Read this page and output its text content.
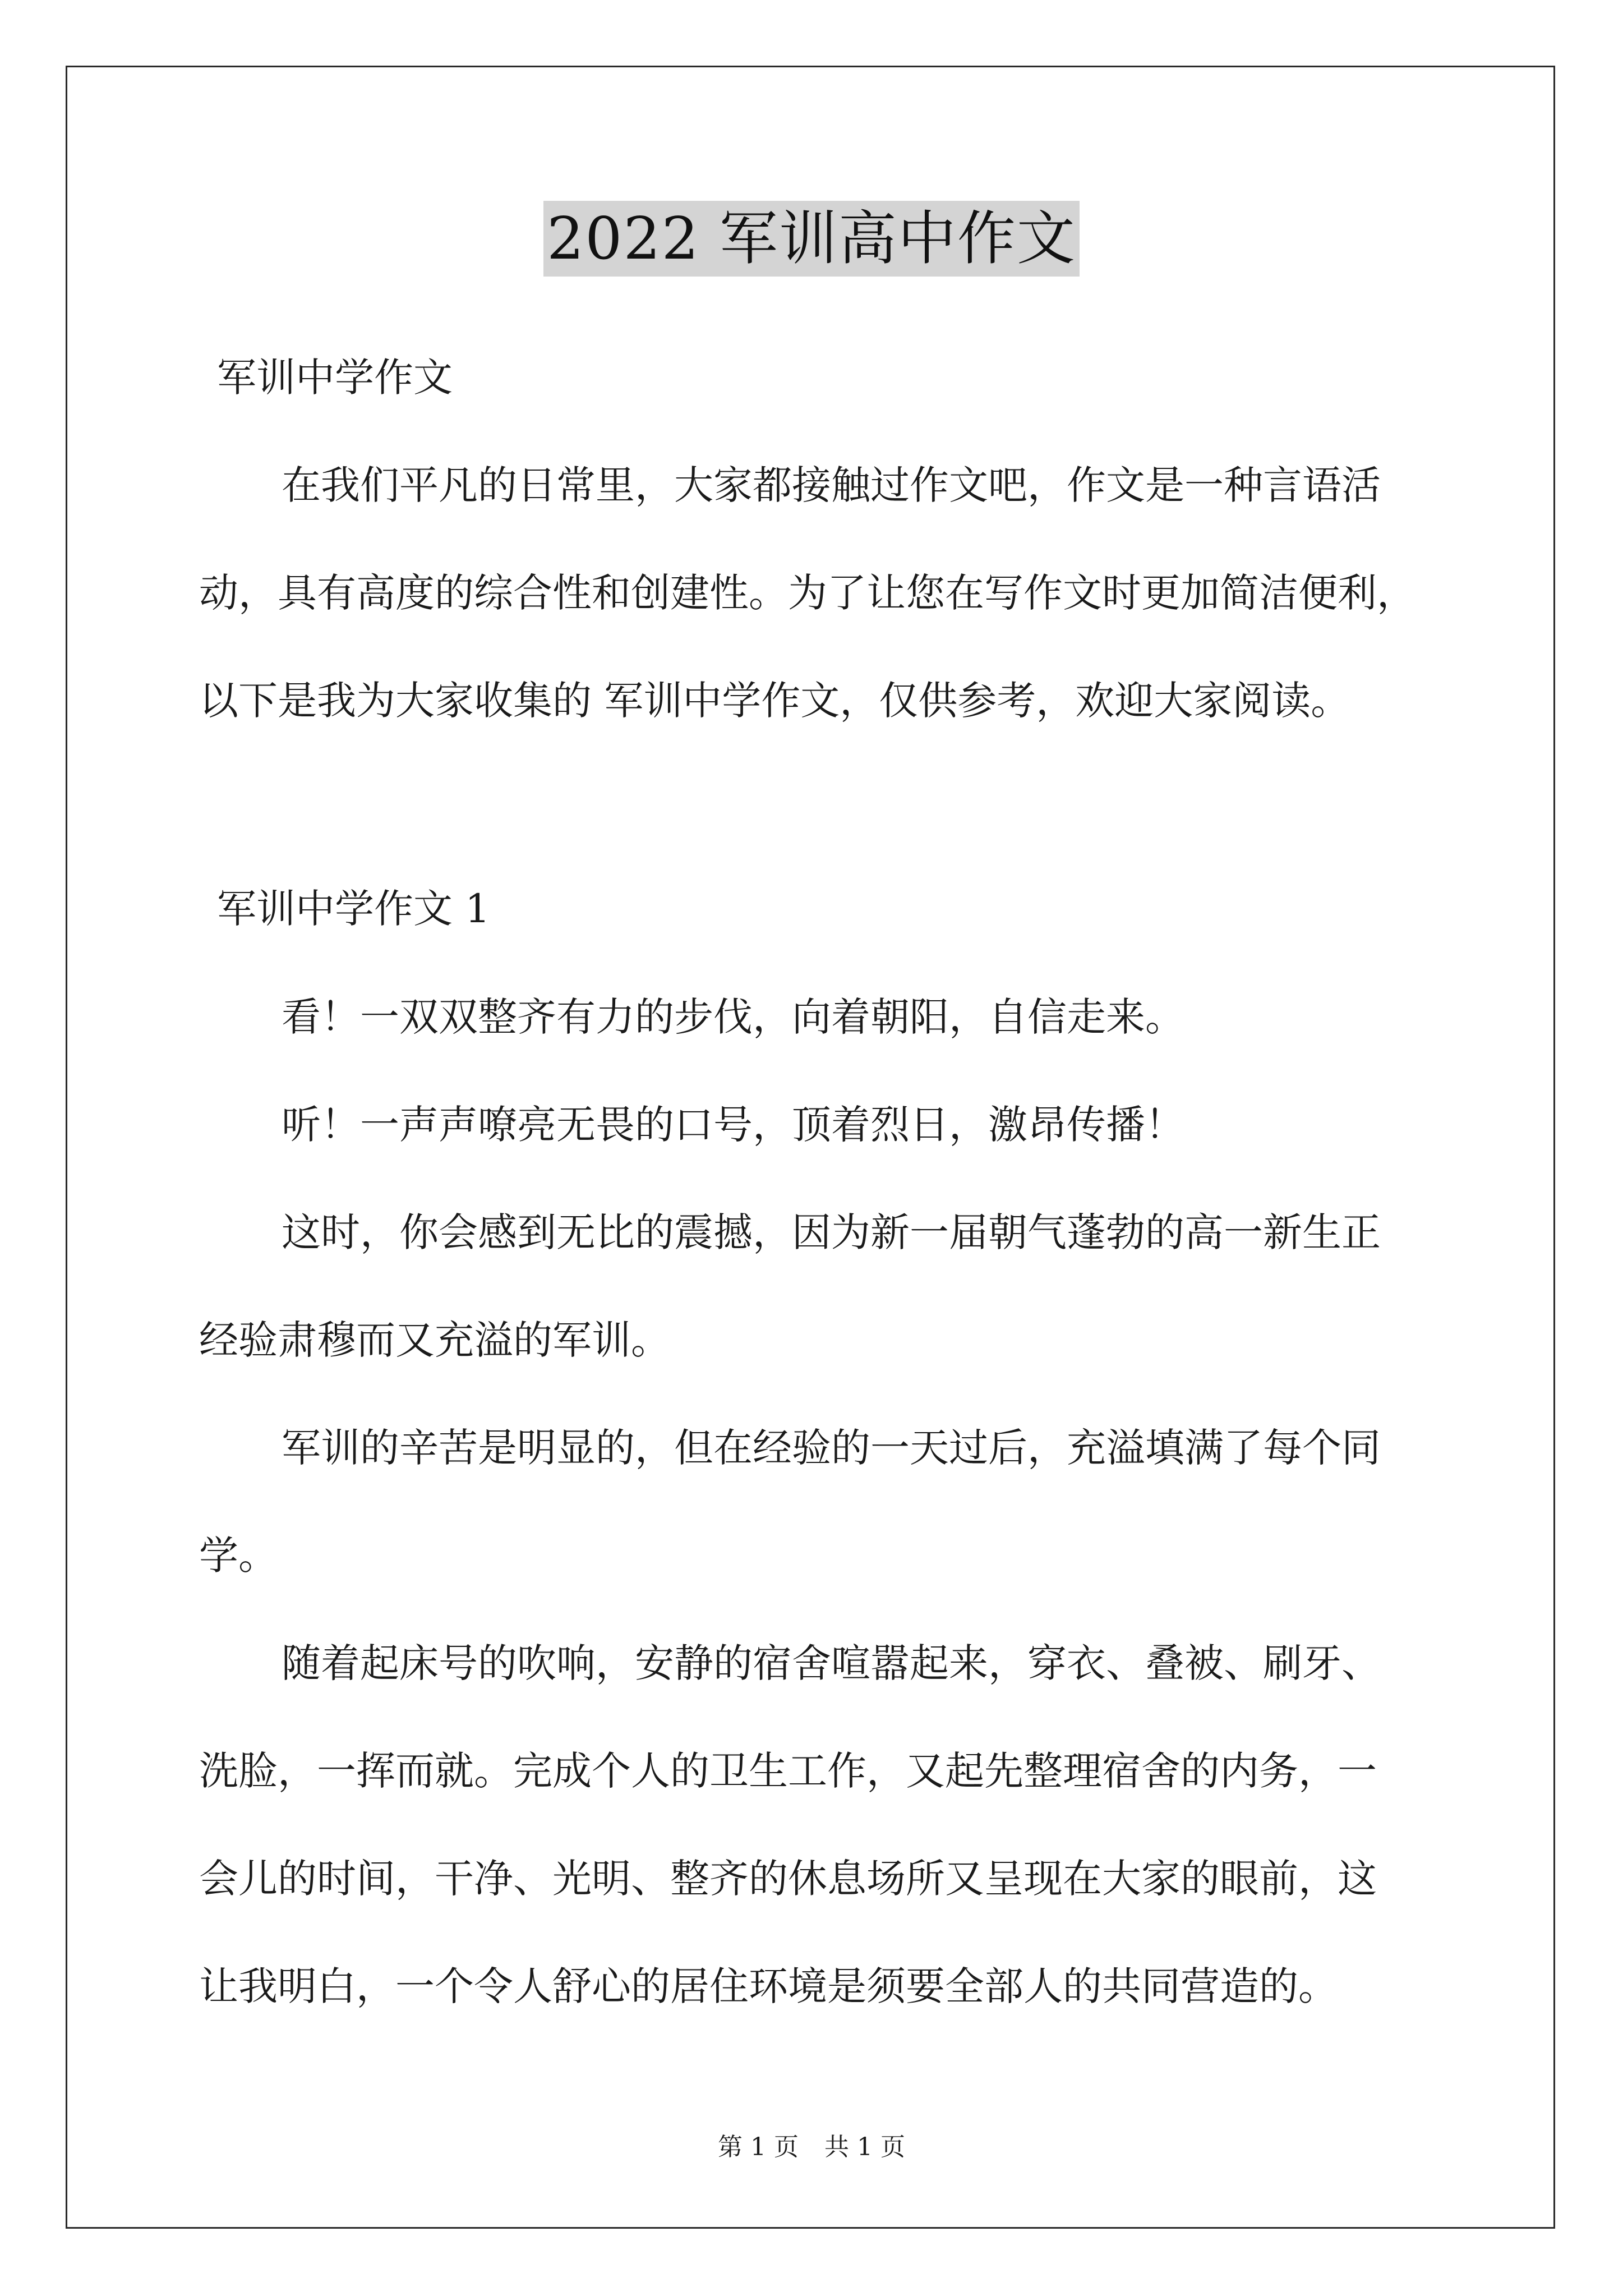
2022 军训高中作文
军训中学作文
在我们平凡的日常里，大家都接触过作文吧，作文是一种言语活
动，具有高度的综合性和创建性。为了让您在写作文时更加简洁便利，
以下是我为大家收集的 军训中学作文，仅供参考，欢迎大家阅读。
军训中学作文 1
看！一双双整齐有力的步伐，向着朝阳，自信走来。
听！一声声嘹亮无畏的口号，顶着烈日，激昂传播！
这时，你会感到无比的震撼，因为新一届朝气蓬勃的高一新生正
经验肃穆而又充溢的军训。
军训的辛苦是明显的，但在经验的一天过后，充溢填满了每个同
学。
随着起床号的吹响，安静的宿舍喧嚣起来，穿衣、叠被、刷牙、
洗脸，一挥而就。完成个人的卫生工作，又起先整理宿舍的内务，一
会儿的时间，干净、光明、整齐的休息场所又呈现在大家的眼前，这
让我明白，一个令人舒心的居住环境是须要全部人的共同营造的。
第 1 页 共 1 页
